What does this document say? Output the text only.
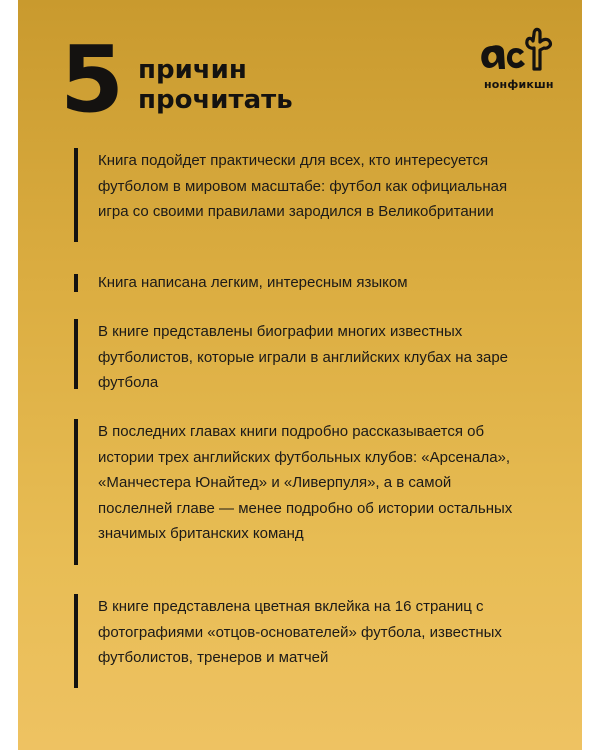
5 причин
прочитать
нонфикшн
Книга подойдет практически для всех, кто интересуется футболом в мировом масштабе: футбол как официальная игра со своими правилами зародился в Великобритании
Книга написана легким, интересным языком
В книге представлены биографии многих известных футболистов, которые играли в английских клубах на заре футбола
В последних главах книги подробно рассказывается об истории трех английских футбольных клубов: «Арсенала», «Манчестера Юнайтед» и «Ливерпуля», а в самой послелней главе — менее подробно об истории остальных значимых британских команд
В книге представлена цветная вклейка на 16 страниц с фотографиями «отцов-основателей» футбола, известных футболистов, тренеров и матчей
